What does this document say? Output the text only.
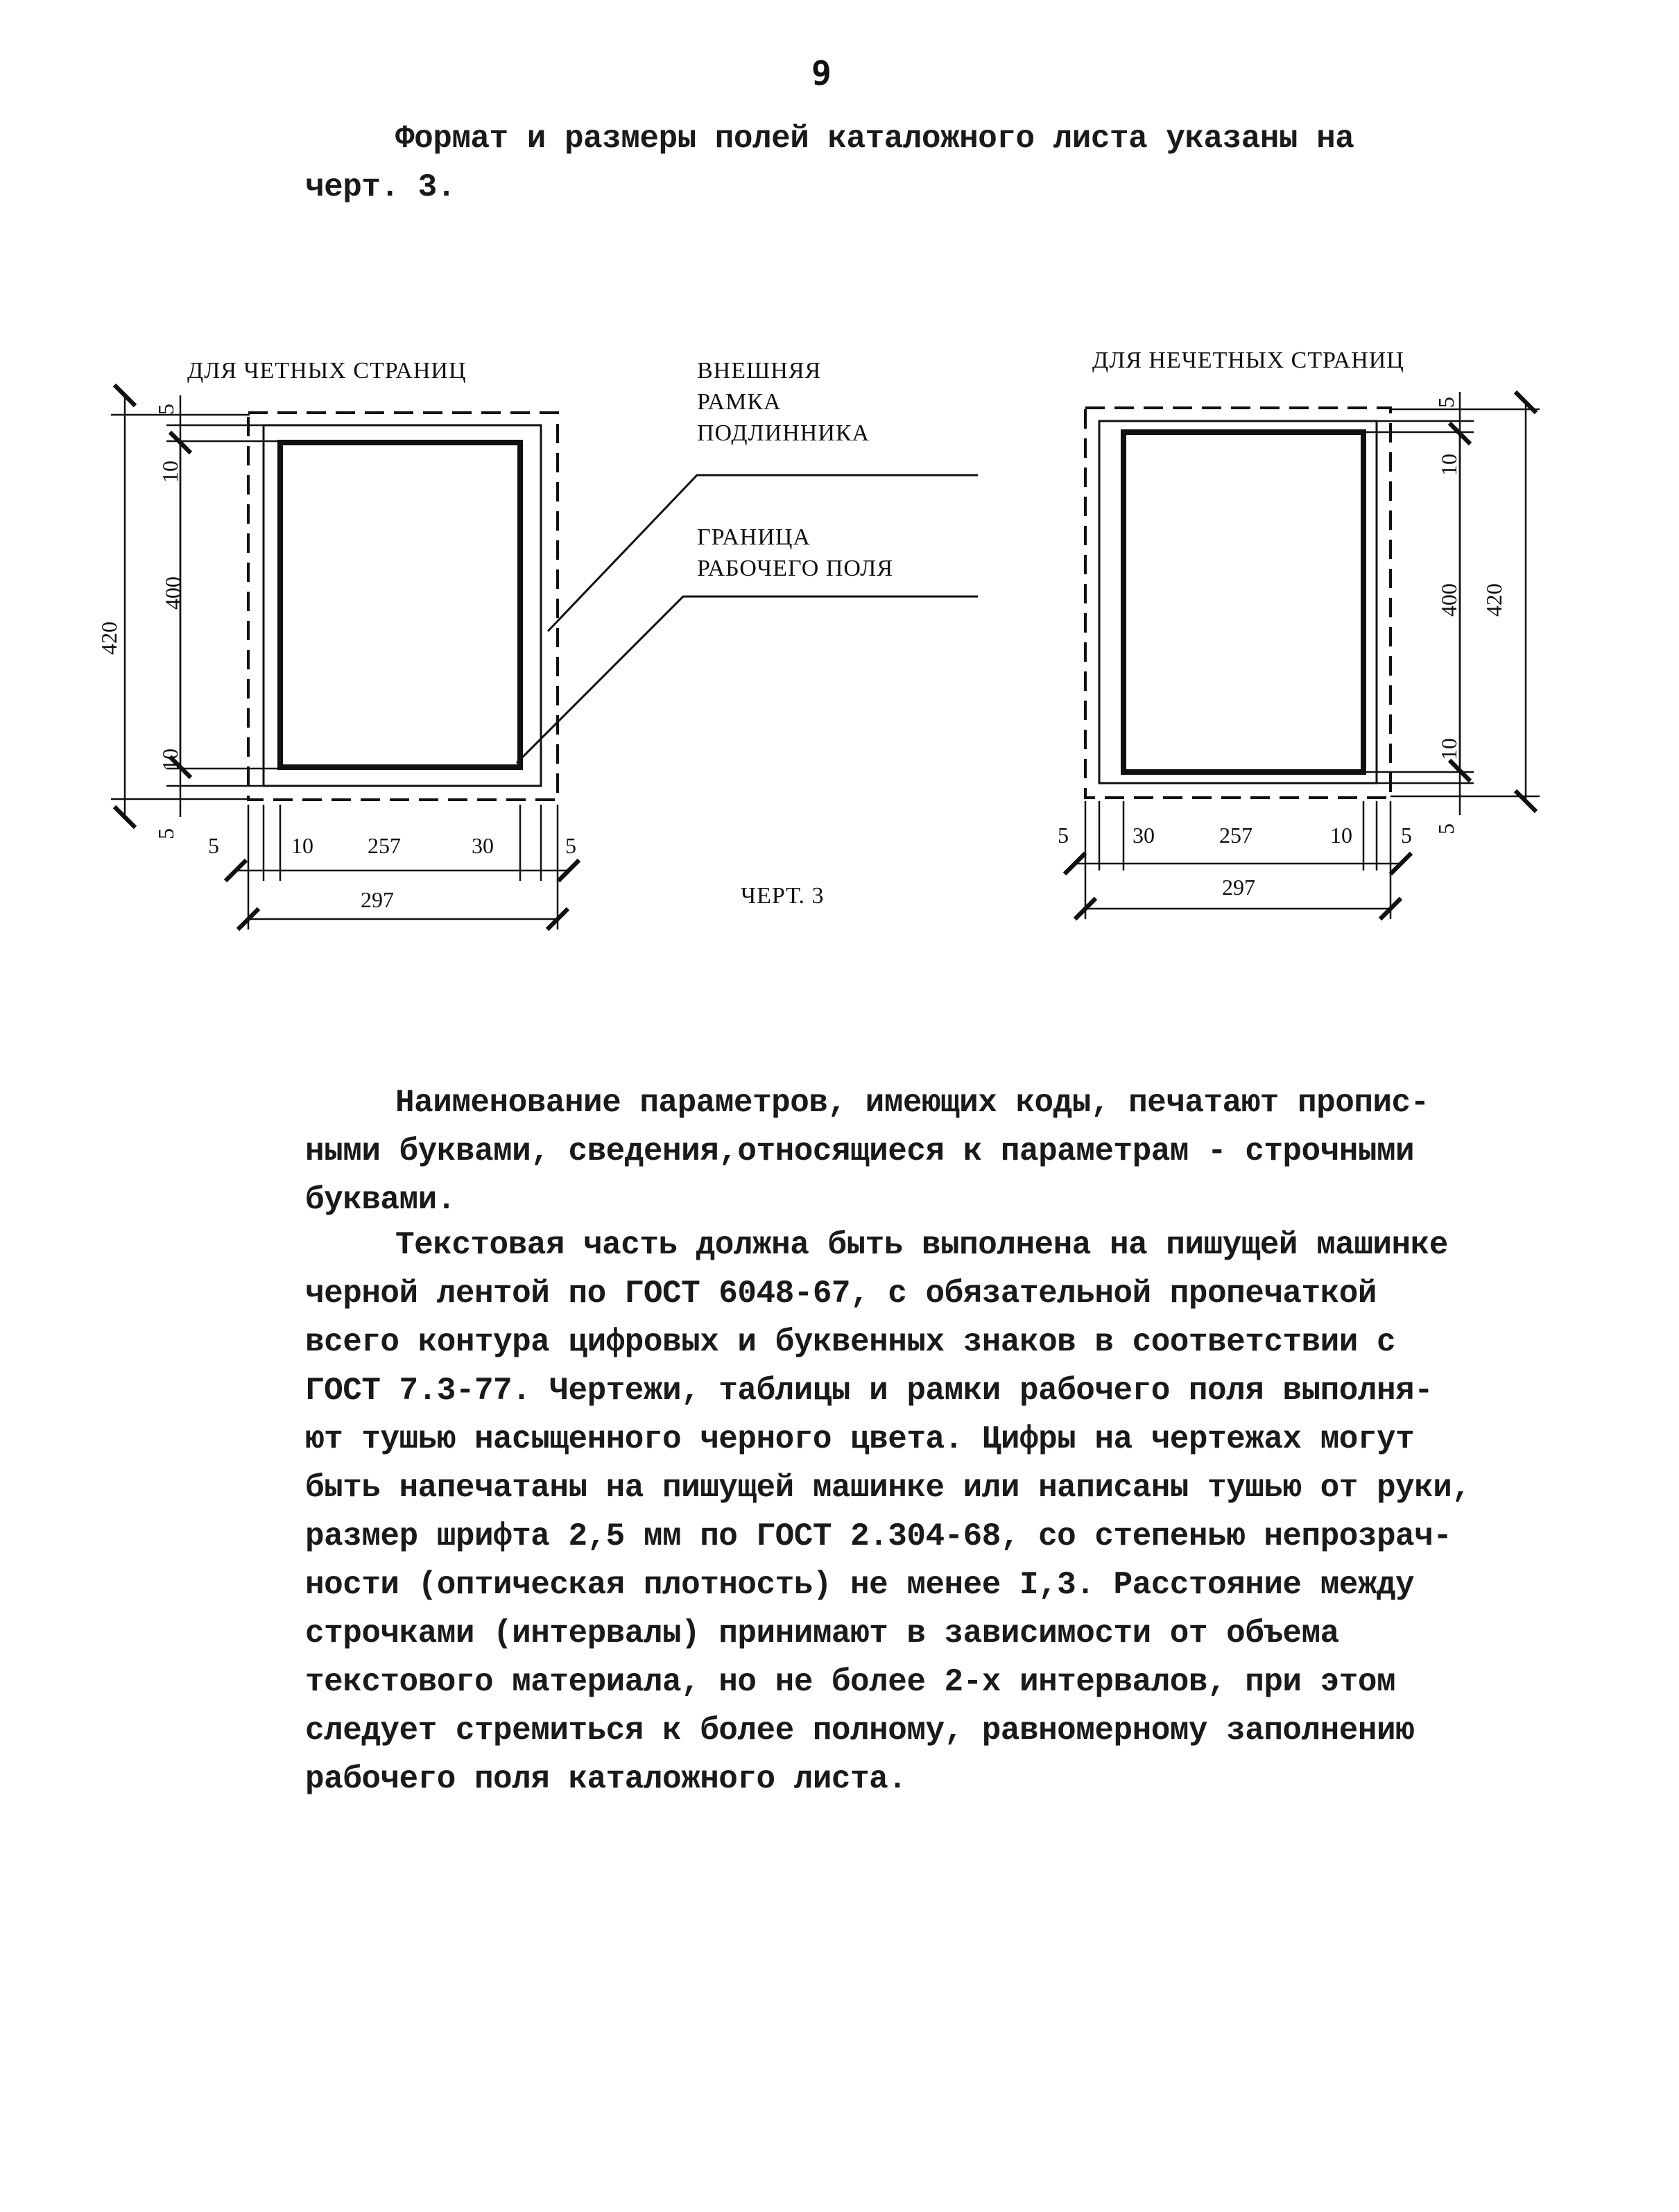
9
Формат и размеры полей каталожного листа указаны на
черт. 3.
ДЛЯ ЧЕТНЫХ СТРАНИЦ
420
400
10
10
5
5 5	10 257	30	5
297
ВНЕШНЯЯ
РАМКА
ПОДЛИННИКА
ГРАНИЦА
РАБОЧЕГО ПОЛЯ
ЧЕРТ. 3
ДЛЯ НЕЧЕТНЫХ СТРАНИЦ
420
400
10
10
5
5
5	30	257	10 5
297
Наименование параметров, имеющих коды, печатают пропис-
ными буквами, сведения,относящиеся к параметрам - строчными
буквами.
Текстовая часть должна быть выполнена на пишущей машинке
черной лентой по ГОСТ 6048-67, с обязательной пропечаткой
всего контура цифровых и буквенных знаков в соответствии с
ГОСТ 7.3-77. Чертежи, таблицы и рамки рабочего поля выполня-
ют тушью насыщенного черного цвета. Цифры на чертежах могут
быть напечатаны на пишущей машинке или написаны тушью от руки,
размер шрифта 2,5 мм по ГОСТ 2.304-68, со степенью непрозрач-
ности (оптическая плотность) не менее I,3. Расстояние между
строчками (интервалы) принимают в зависимости от объема
текстового материала, но не более 2-х интервалов, при этом
следует стремиться к более полному, равномерному заполнению
рабочего поля каталожного листа.
